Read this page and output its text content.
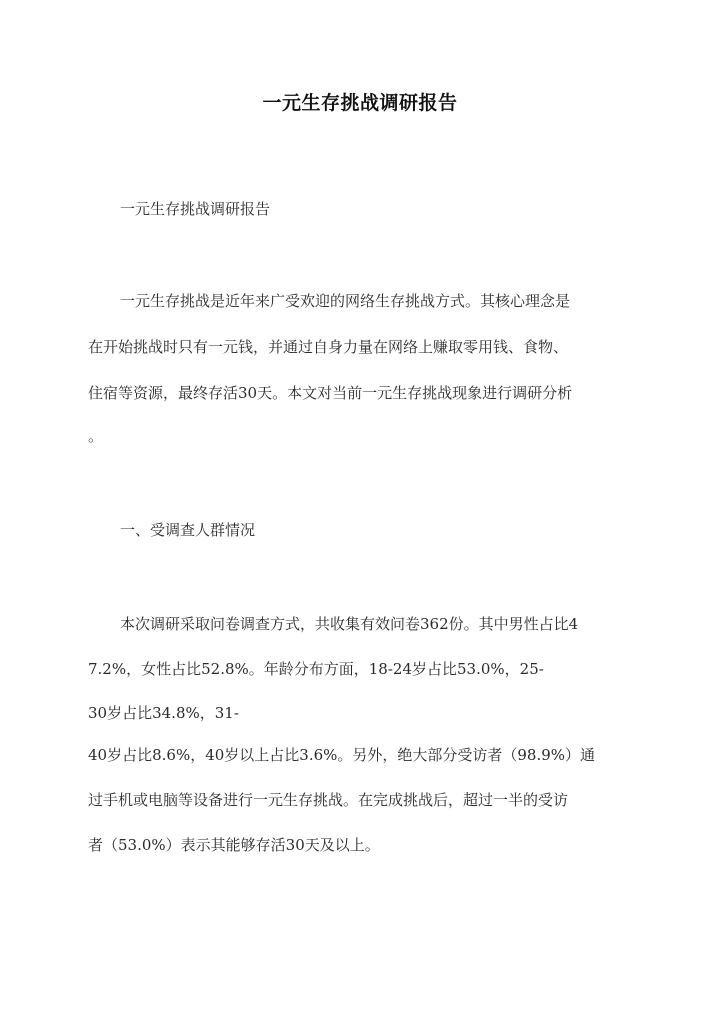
一元生存挑战调研报告
一元生存挑战调研报告
一元生存挑战是近年来广受欢迎的网络生存挑战方式。其核心理念是
在开始挑战时只有一元钱，并通过自身力量在网络上赚取零用钱、食物、
住宿等资源，最终存活30天。本文对当前一元生存挑战现象进行调研分析
。
一、受调查人群情况
本次调研采取问卷调查方式，共收集有效问卷362份。其中男性占比4
7.2%，女性占比52.8%。年龄分布方面，18-24岁占比53.0%，25-
30岁占比34.8%，31-
40岁占比8.6%，40岁以上占比3.6%。另外，绝大部分受访者（98.9%）通
过手机或电脑等设备进行一元生存挑战。在完成挑战后，超过一半的受访
者（53.0%）表示其能够存活30天及以上。
